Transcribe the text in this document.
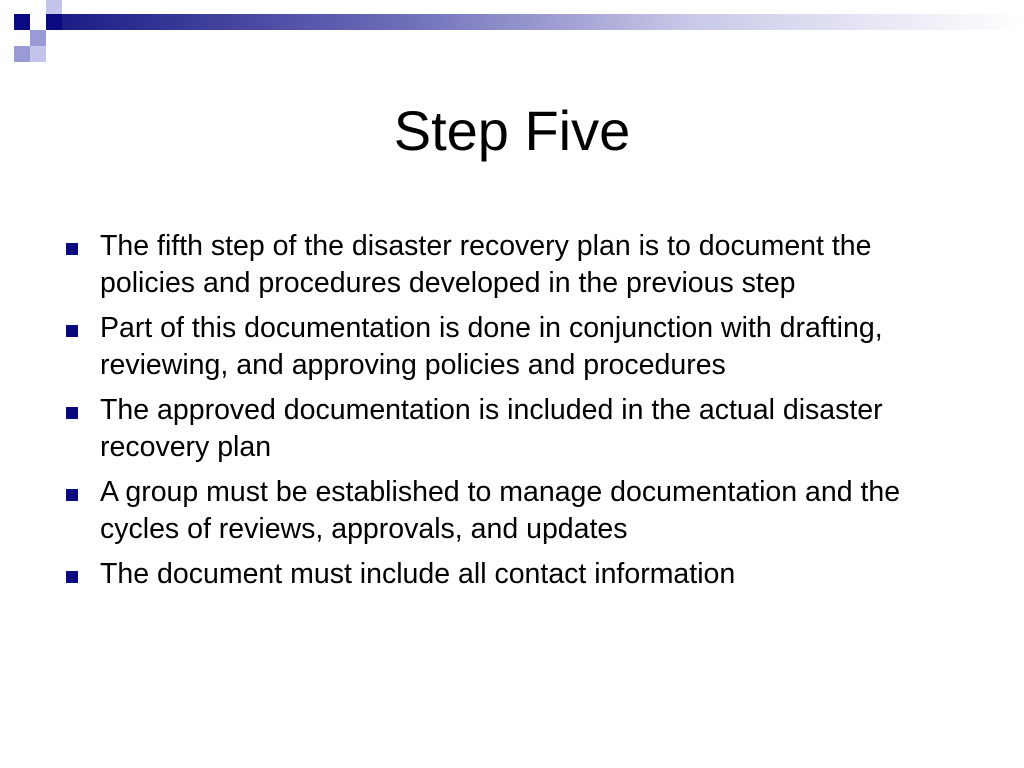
Step Five
The fifth step of the disaster recovery plan is to document the policies and procedures developed in the previous step
Part of this documentation is done in conjunction with drafting, reviewing, and approving policies and procedures
The approved documentation is included in the actual disaster recovery plan
A group must be established to manage documentation and the cycles of reviews, approvals, and updates
The document must include all contact information
